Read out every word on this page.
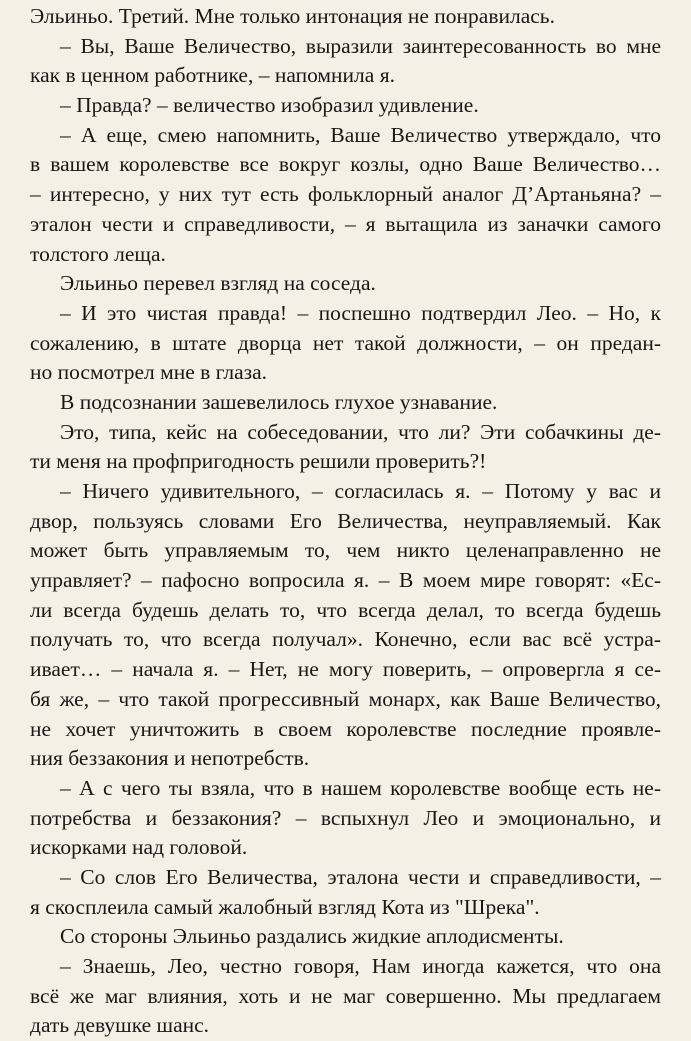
Эльиньо. Третий. Мне только интонация не понравилась.
– Вы, Ваше Величество, выразили заинтересованность во мне
как в ценном работнике, – напомнила я.
– Правда? – величество изобразил удивление.
– А еще, смею напомнить, Ваше Величество утверждало, что
в вашем королевстве все вокруг козлы, одно Ваше Величество…
– интересно, у них тут есть фольклорный аналог Д’Артаньяна? –
эталон чести и справедливости, – я вытащила из заначки самого
толстого леща.
Эльиньо перевел взгляд на соседа.
– И это чистая правда! – поспешно подтвердил Лео. – Но, к
сожалению, в штате дворца нет такой должности, – он предан-
но посмотрел мне в глаза.
В подсознании зашевелилось глухое узнавание.
Это, типа, кейс на собеседовании, что ли? Эти собачкины де-
ти меня на профпригодность решили проверить?!
– Ничего удивительного, – согласилась я. – Потому у вас и
двор, пользуясь словами Его Величества, неуправляемый. Как
может быть управляемым то, чем никто целенаправленно не
управляет? – пафосно вопросила я. – В моем мире говорят: «Ес-
ли всегда будешь делать то, что всегда делал, то всегда будешь
получать то, что всегда получал». Конечно, если вас всё устра-
ивает… – начала я. – Нет, не могу поверить, – опровергла я се-
бя же, – что такой прогрессивный монарх, как Ваше Величество,
не хочет уничтожить в своем королевстве последние проявле-
ния беззакония и непотребств.
– А с чего ты взяла, что в нашем королевстве вообще есть не-
потребства и беззакония? – вспыхнул Лео и эмоционально, и
искорками над головой.
– Со слов Его Величества, эталона чести и справедливости, –
я скосплеила самый жалобный взгляд Кота из "Шрека".
Со стороны Эльиньо раздались жидкие аплодисменты.
– Знаешь, Лео, честно говоря, Нам иногда кажется, что она
всё же маг влияния, хоть и не маг совершенно. Мы предлагаем
дать девушке шанс.
